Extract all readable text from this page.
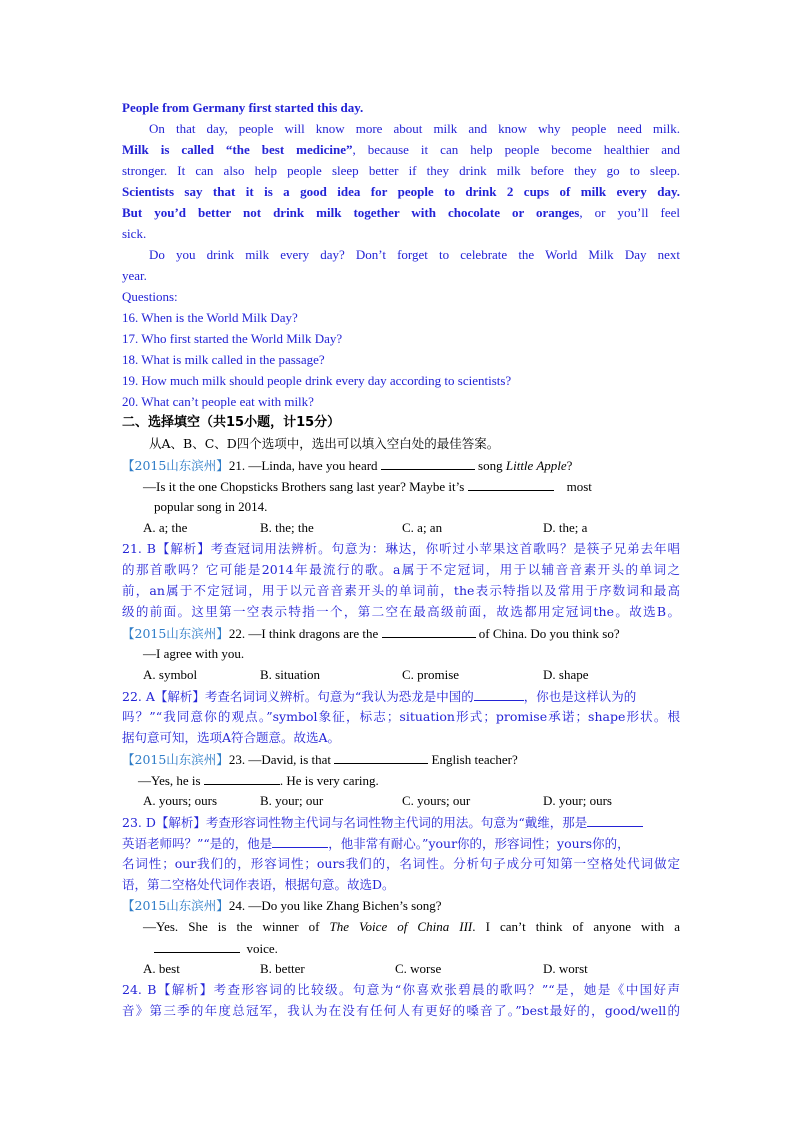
People from Germany first started this day.
On that day, people will know more about milk and know why people need milk.
Milk is called “the best medicine”, because it can help people become healthier and
stronger. It can also help people sleep better if they drink milk before they go to sleep.
Scientists say that it is a good idea for people to drink 2 cups of milk every day.
But you’d better not drink milk together with chocolate or oranges, or you’ll feel
sick.
Do you drink milk every day? Don’t forget to celebrate the World Milk Day next
year.
Questions:
16. When is the World Milk Day?
17. Who first started the World Milk Day?
18. What is milk called in the passage?
19. How much milk should people drink every day according to scientists?
20. What can’t people eat with milk?
二、选择填空（共15小题，计15分）
从A、B、C、D四个选项中，选出可以填入空白处的最佳答案。
【2015山东滨州】21. —Linda, have you heard	song Little Apple?
—Is it the one Chopsticks Brothers sang last year? Maybe it’s	most
popular song in 2014.
A. a; the	B. the; the	C. a; an	D. the; a
21. B【解析】考查冠词用法辨析。句意为：琳达，你听过小苹果这首歌吗？是筷子兄弟去年唱
的那首歌吗？它可能是2014年最流行的歌。a属于不定冠词，用于以辅音音素开头的单词之
前，an属于不定冠词，用于以元音音素开头的单词前，the表示特指以及常用于序数词和最高
级的前面。这里第一空表示特指一个，第二空在最高级前面，故选都用定冠词the。故选B。
【2015山东滨州】22. —I think dragons are the	of China. Do you think so?
—I agree with you.
A. symbol	B. situation	C. promise	D. shape
22. A【解析】考查名词词义辨析。句意为“我认为恐龙是中国的	，你也是这样认为的
吗？”“我同意你的观点。”symbol象征，标志；situation形式；promise承诺；shape形状。根
据句意可知，选项A符合题意。故选A。
【2015山东滨州】23. —David, is that	English teacher?
—Yes, he is	. He is very caring.
A. yours; ours	B. your; our	C. yours; our	D. your; ours
23. D【解析】考查形容词性物主代词与名词性物主代词的用法。句意为“戴维，那是
英语老师吗？”“是的，他是	，他非常有耐心。”your你的，形容词性；yours你的，
名词性；our我们的，形容词性；ours我们的，名词性。分析句子成分可知第一空格处代词做定
语，第二空格处代词作表语，根据句意。故选D。
【2015山东滨州】24. —Do you like Zhang Bichen’s song?
—Yes. She is the winner of The Voice of China III. I can’t think of anyone with a
voice.
A. best	B. better	C. worse	D. worst
24. B【解析】考查形容词的比较级。句意为“你喜欢张碧晨的歌吗？”“是，她是《中国好声
音》第三季的年度总冠军，我认为在没有任何人有更好的嗓音了。”best最好的，good/well的
